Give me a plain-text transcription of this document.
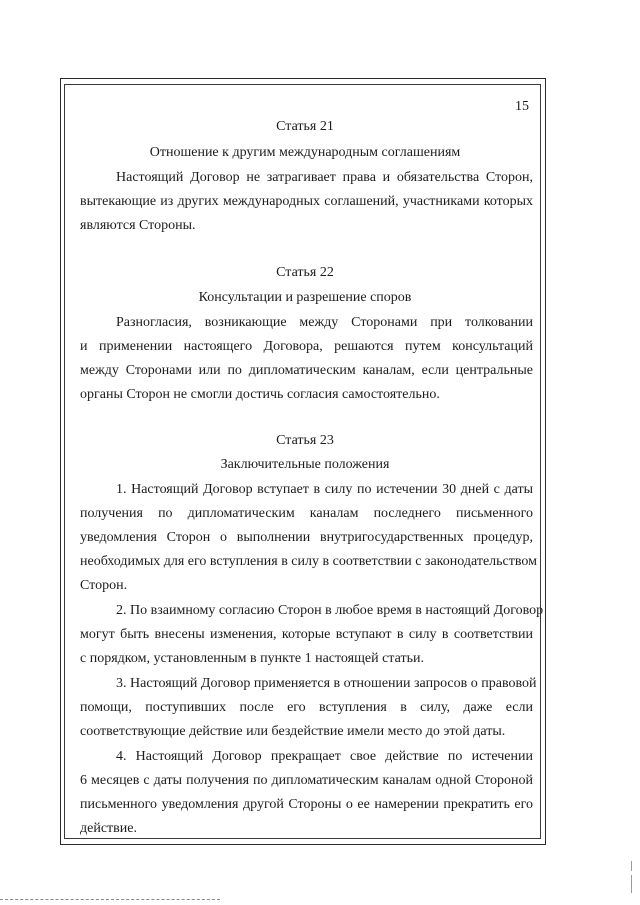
15
Статья 21
Отношение к другим международным соглашениям
Настоящий Договор не затрагивает права и обязательства Сторон,
вытекающие из других международных соглашений, участниками которых
являются Стороны.
Статья 22
Консультации и разрешение споров
Разногласия, возникающие между Сторонами при толковании
и применении настоящего Договора, решаются путем консультаций
между Сторонами или по дипломатическим каналам, если центральные
органы Сторон не смогли достичь согласия самостоятельно.
Статья 23
Заключительные положения
1. Настоящий Договор вступает в силу по истечении 30 дней с даты
получения по дипломатическим каналам последнего письменного
уведомления Сторон о выполнении внутригосударственных процедур,
необходимых для его вступления в силу в соответствии с законодательством
Сторон.
2. По взаимному согласию Сторон в любое время в настоящий Договор
могут быть внесены изменения, которые вступают в силу в соответствии
с порядком, установленным в пункте 1 настоящей статьи.
3. Настоящий Договор применяется в отношении запросов о правовой
помощи, поступивших после его вступления в силу, даже если
соответствующие действие или бездействие имели место до этой даты.
4. Настоящий Договор прекращает свое действие по истечении
6 месяцев с даты получения по дипломатическим каналам одной Стороной
письменного уведомления другой Стороны о ее намерении прекратить его
действие.
